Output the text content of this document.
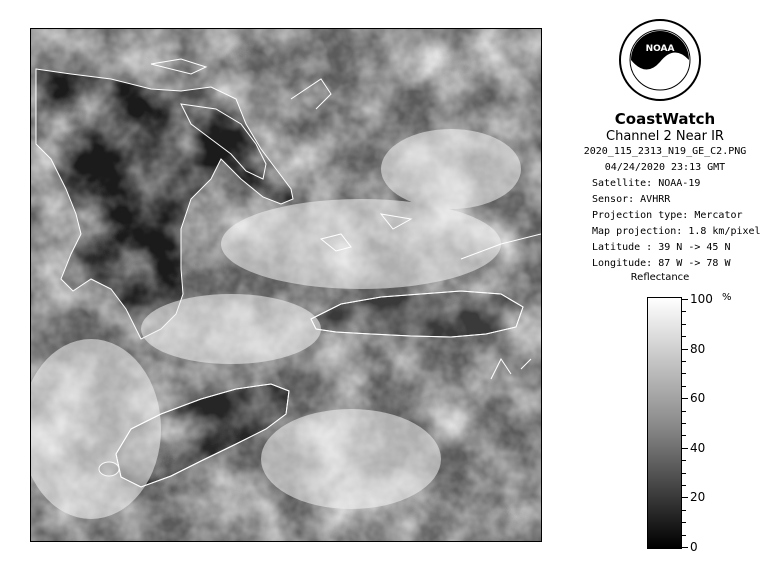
NOAA
CoastWatch
Channel 2 Near IR
2020_115_2313_N19_GE_C2.PNG
04/24/2020 23:13 GMT
Satellite: NOAA-19
Sensor: AVHRR
Projection type: Mercator
Map projection: 1.8 km/pixel
Latitude : 39 N -> 45 N
Longitude: 87 W -> 78 W
Reflectance
%
100
80
60
40
20
0
